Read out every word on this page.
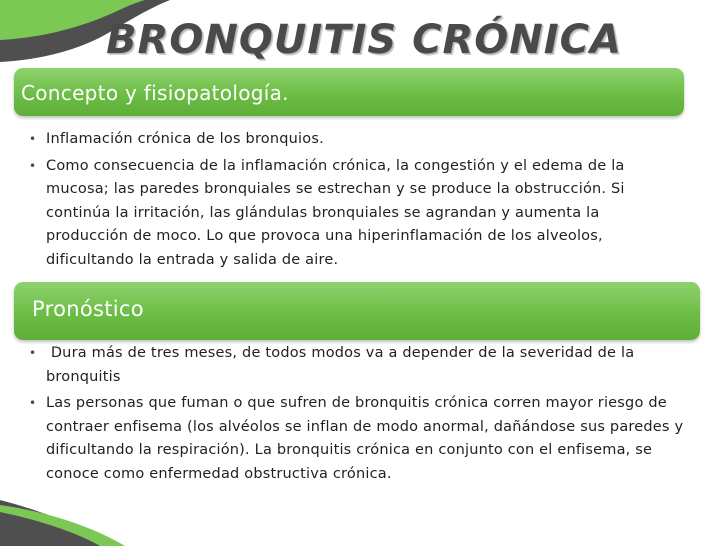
BRONQUITIS CRÓNICA
Concepto y fisiopatología.
• Inflamación crónica de los bronquios.
• Como consecuencia de la inflamación crónica, la congestión y el edema de la mucosa; las paredes bronquiales se estrechan y se produce la obstrucción. Si continúa la irritación, las glándulas bronquiales se agrandan y aumenta la producción de moco. Lo que provoca una hiperinflamación de los alveolos, dificultando la entrada y salida de aire.
Pronóstico
• Dura más de tres meses, de todos modos va a depender de la severidad de la bronquitis
• Las personas que fuman o que sufren de bronquitis crónica corren mayor riesgo de contraer enfisema (los alvéolos se inflan de modo anormal, dañándose sus paredes y dificultando la respiración). La bronquitis crónica en conjunto con el enfisema, se conoce como enfermedad obstructiva crónica.
